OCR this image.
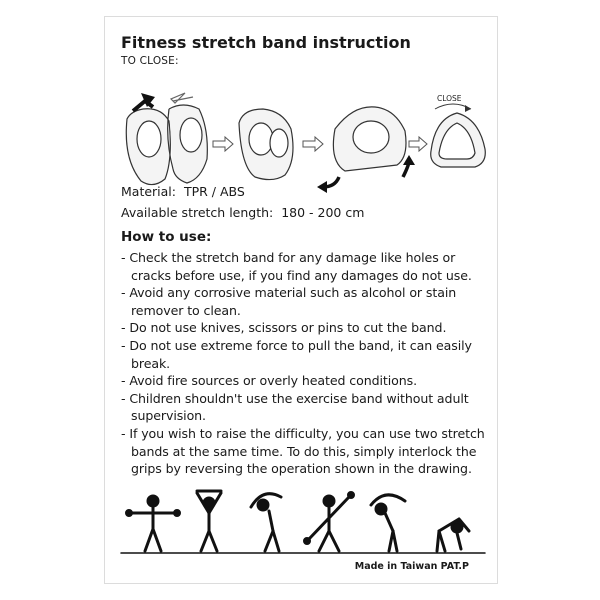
Fitness stretch band instruction
TO CLOSE:
CLOSE
Material:  TPR / ABS
Available stretch length:  180 - 200 cm
How to use:
- Check the stretch band for any damage like holes or cracks before use, if you find any damages do not use.
- Avoid any corrosive material such as alcohol or stain remover to clean.
- Do not use knives, scissors or pins to cut the band.
- Do not use extreme force to pull the band, it can easily break.
- Avoid fire sources or overly heated conditions.
- Children shouldn't use the exercise band without adult supervision.
- If you wish to raise the difficulty, you can use two stretch bands at the same time. To do this, simply interlock the grips by reversing the operation shown in the drawing.
Made in Taiwan PAT.P
